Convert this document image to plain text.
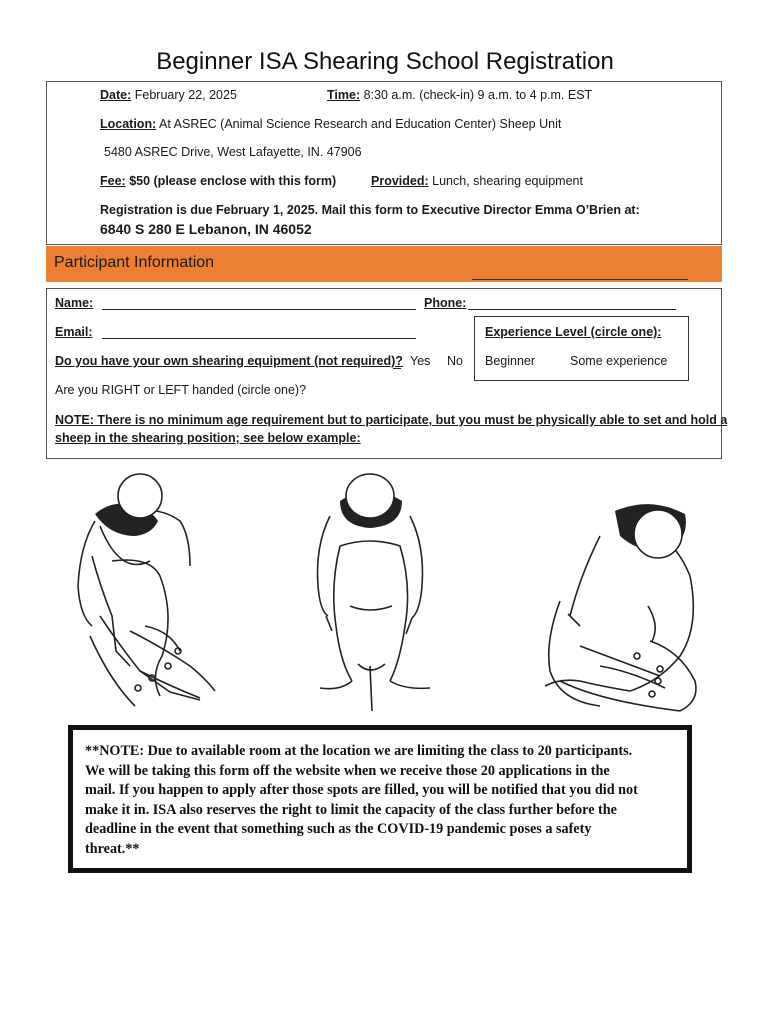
Beginner ISA Shearing School Registration
Date: February 22, 2025	Time: 8:30 a.m. (check-in) 9 a.m. to 4 p.m. EST
Location: At ASREC (Animal Science Research and Education Center) Sheep Unit
5480 ASREC Drive, West Lafayette, IN. 47906
Fee: $50 (please enclose with this form)	Provided: Lunch, shearing equipment
Registration is due February 1, 2025. Mail this form to Executive Director Emma O’Brien at:
6840 S 280 E Lebanon, IN 46052
Participant Information
Name:	Phone:
Email:
Do you have your own shearing equipment (not required)? Yes No
Experience Level (circle one):
Beginner	Some experience
Are you RIGHT or LEFT handed (circle one)?
NOTE: There is no minimum age requirement but to participate, but you must be physically able to set and hold a
sheep in the shearing position; see below example:
**NOTE: Due to available room at the location we are limiting the class to 20 participants.
We will be taking this form off the website when we receive those 20 applications in the
mail. If you happen to apply after those spots are filled, you will be notified that you did not
make it in. ISA also reserves the right to limit the capacity of the class further before the
deadline in the event that something such as the COVID-19 pandemic poses a safety
threat.**
